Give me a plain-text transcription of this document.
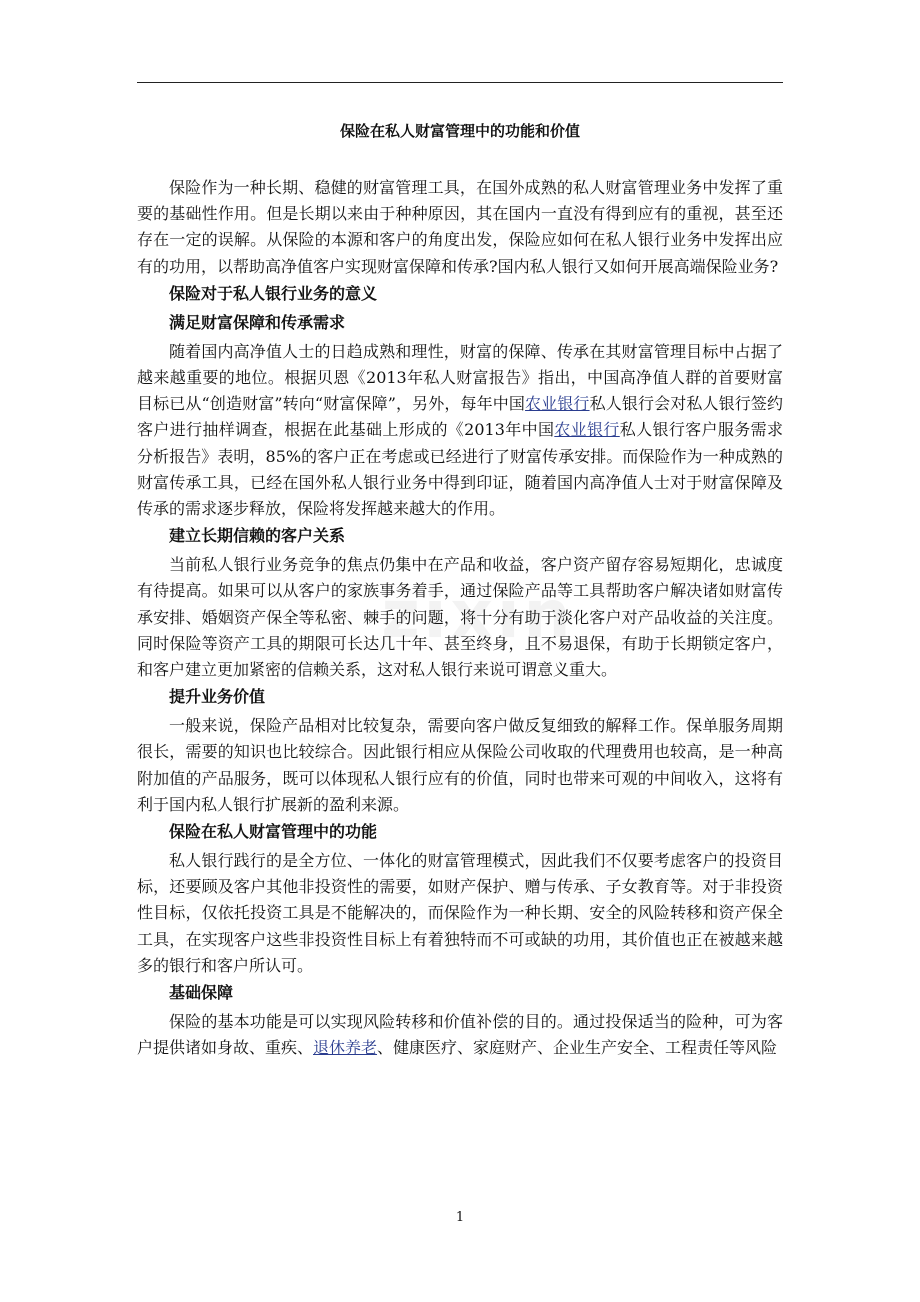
保险在私人财富管理中的功能和价值
zixin

保险作为一种长期、稳健的财富管理工具，在国外成熟的私人财富管理业务中发挥了重要的基础性作用。但是长期以来由于种种原因，其在国内一直没有得到应有的重视，甚至还存在一定的误解。从保险的本源和客户的角度出发，保险应如何在私人银行业务中发挥出应有的功用，以帮助高净值客户实现财富保障和传承?国内私人银行又如何开展高端保险业务?

保险对于私人银行业务的意义

满足财富保障和传承需求

随着国内高净值人士的日趋成熟和理性，财富的保障、传承在其财富管理目标中占据了越来越重要的地位。根据贝恩《2013年私人财富报告》指出，中国高净值人群的首要财富目标已从“创造财富”转向“财富保障”，另外，每年中国农业银行私人银行会对私人银行签约客户进行抽样调查，根据在此基础上形成的《2013年中国农业银行私人银行客户服务需求分析报告》表明，85%的客户正在考虑或已经进行了财富传承安排。而保险作为一种成熟的财富传承工具，已经在国外私人银行业务中得到印证，随着国内高净值人士对于财富保障及传承的需求逐步释放，保险将发挥越来越大的作用。

建立长期信赖的客户关系

当前私人银行业务竞争的焦点仍集中在产品和收益，客户资产留存容易短期化，忠诚度有待提高。如果可以从客户的家族事务着手，通过保险产品等工具帮助客户解决诸如财富传承安排、婚姻资产保全等私密、棘手的问题，将十分有助于淡化客户对产品收益的关注度。同时保险等资产工具的期限可长达几十年、甚至终身，且不易退保，有助于长期锁定客户，和客户建立更加紧密的信赖关系，这对私人银行来说可谓意义重大。

提升业务价值

一般来说，保险产品相对比较复杂，需要向客户做反复细致的解释工作。保单服务周期很长，需要的知识也比较综合。因此银行相应从保险公司收取的代理费用也较高，是一种高附加值的产品服务，既可以体现私人银行应有的价值，同时也带来可观的中间收入，这将有利于国内私人银行扩展新的盈利来源。

保险在私人财富管理中的功能

私人银行践行的是全方位、一体化的财富管理模式，因此我们不仅要考虑客户的投资目标，还要顾及客户其他非投资性的需要，如财产保护、赠与传承、子女教育等。对于非投资性目标，仅依托投资工具是不能解决的，而保险作为一种长期、安全的风险转移和资产保全工具，在实现客户这些非投资性目标上有着独特而不可或缺的功用，其价值也正在被越来越多的银行和客户所认可。

基础保障

保险的基本功能是可以实现风险转移和价值补偿的目的。通过投保适当的险种，可为客户提供诸如身故、重疾、退休养老、健康医疗、家庭财产、企业生产安全、工程责任等风险

1
